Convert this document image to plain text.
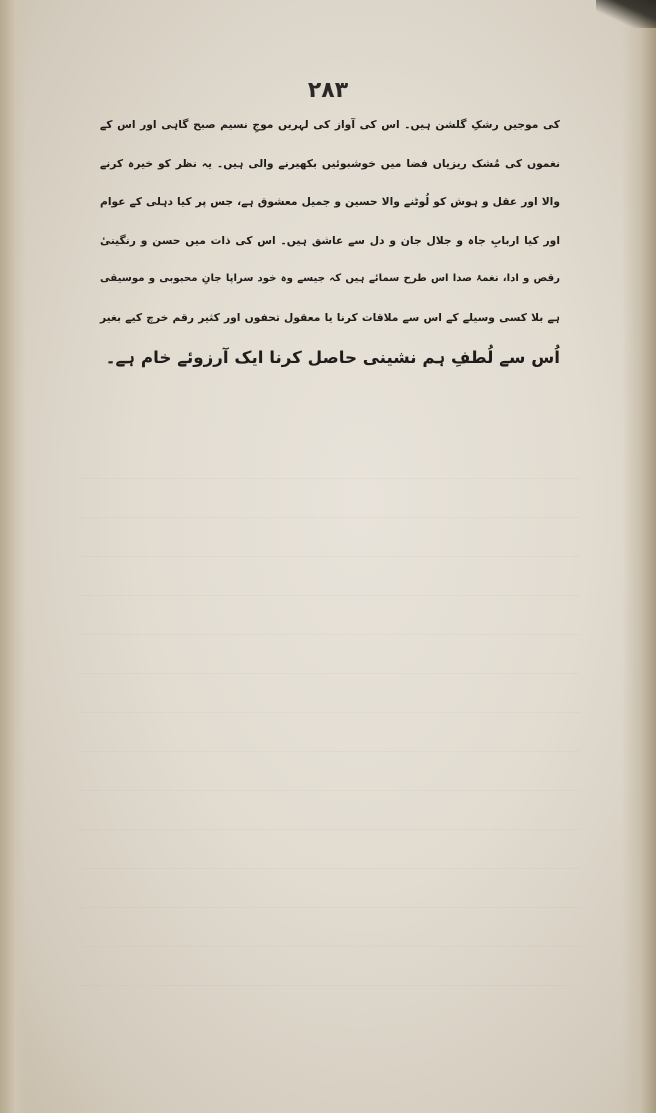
۲۸۳
کی موجیں رشکِ گلشن ہیں۔ اس کی آواز کی لہریں موجِ نسیم صبح گاہی اور اس کے
نغموں کی مُشک ریزیاں فضا میں خوشبوئیں بکھیرنے والی ہیں۔ یہ نظر کو خیرہ کرنے
والا اور عقل و ہوش کو لُوٹنے والا حسین و جمیل معشوق ہے، جس پر کیا دہلی کے عوام
اور کیا اربابِ جاہ و جلال جان و دل سے عاشق ہیں۔ اس کی ذات میں حسن و رنگینیٔ
رقص و ادا، نغمۂ صدا اس طرح سمائے ہیں کہ جیسے وہ خود سراپا جانِ محبوبی و موسیقی
ہے بلا کسی وسیلے کے اس سے ملاقات کرنا یا معقول تحفوں اور کثیر رقم خرچ کیے بغیر
اُس سے لُطفِ ہم نشینی حاصل کرنا ایک آرزوئے خام ہے۔
